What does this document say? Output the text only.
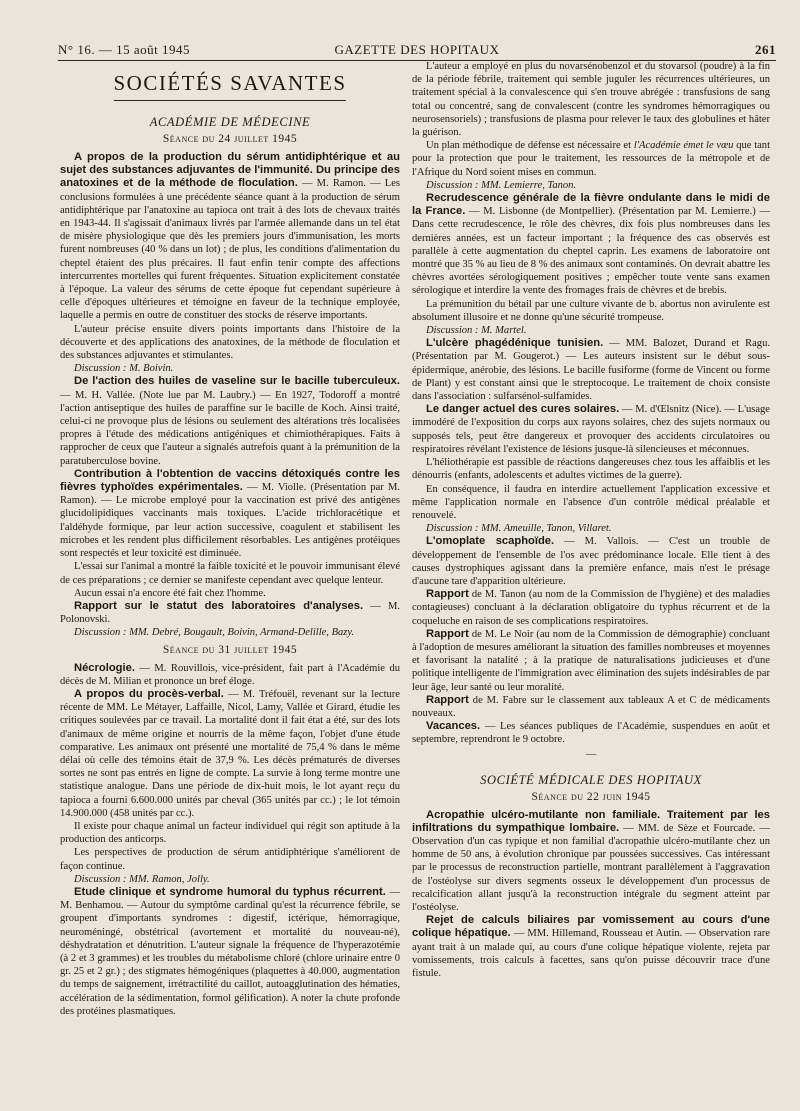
N° 16. — 15 août 1945	GAZETTE DES HOPITAUX	261
SOCIÉTÉS SAVANTES
ACADÉMIE DE MÉDECINE
Séance du 24 juillet 1945

A propos de la production du sérum antidiphtérique et au sujet des substances adjuvantes de l'immunité. Du principe des anatoxines et de la méthode de floculation. — M. Ramon. — Les conclusions formulées à une précédente séance quant à la production de sérum antidiphtérique par l'anatoxine au tapioca ont trait à des lots de chevaux traités en 1943-44. Il s'agissait d'animaux livrés par l'armée allemande dans un tel état de misère physiologique que dès les premiers jours d'immunisation, les morts furent nombreuses (40 % dans un lot) ; de plus, les conditions d'alimentation du cheptel étaient des plus précaires. Il faut enfin tenir compte des affections intercurrentes mortelles qui furent fréquentes. Situation explicitement constatée à l'époque. La valeur des sérums de cette époque fut cependant supérieure à celle d'époques ultérieures et témoigne en faveur de la technique employée, laquelle a permis en outre de constituer des stocks de réserve importants.

L'auteur précise ensuite divers points importants dans l'histoire de la découverte et des applications des anatoxines, de la méthode de floculation et des substances adjuvantes et stimulantes.

Discussion : M. Boivin.

De l'action des huiles de vaseline sur le bacille tuberculeux. — M. H. Vallée. (Note lue par M. Laubry.) — En 1927, Todoroff a montré l'action antiseptique des huiles de paraffine sur le bacille de Koch. Ainsi traité, celui-ci ne provoque plus de lésions ou seulement des altérations très localisées propres à l'étude des médications antigéniques et chimiothérapiques. Faits à rapprocher de ceux que l'auteur a signalés autrefois quant à la prémunition de la paratuberculose bovine.

Contribution à l'obtention de vaccins détoxiqués contre les fièvres typhoïdes expérimentales. — M. Violle. (Présentation par M. Ramon). — Le microbe employé pour la vaccination est privé des antigènes glucidolipidiques vaccinants mais toxiques. L'acide trichloracétique et l'aldéhyde formique, par leur action successive, coagulent et stabilisent les microbes et les rendent plus difficilement résorbables. Les antigènes protéiques sont respectés et leur toxicité est diminuée.

L'essai sur l'animal a montré la faible toxicité et le pouvoir immunisant élevé de ces préparations ; ce dernier se manifeste cependant avec quelque lenteur.

Aucun essai n'a encore été fait chez l'homme.

Rapport sur le statut des laboratoires d'analyses. — M. Polonovski.

Discussion : MM. Debré, Bougault, Boivin, Armand-Delille, Bazy.

Séance du 31 juillet 1945

Nécrologie. — M. Rouvillois, vice-président, fait part à l'Académie du décès de M. Milian et prononce un bref éloge.

A propos du procès-verbal. — M. Tréfouël, revenant sur la lecture récente de MM. Le Métayer, Laffaille, Nicol, Lamy, Vallée et Girard, étudie les critiques soulevées par ce travail. La mortalité dont il fait état a été, sur des lots d'animaux de même origine et nourris de la même façon, l'objet d'une étude comparative. Les animaux ont présenté une mortalité de 75,4 % dans le même délai où celle des témoins était de 37,9 %. Les décès prématurés de diverses sortes ne sont pas entrés en ligne de compte. La survie à long terme montre une statistique analogue. Dans une période de dix-huit mois, le lot ayant reçu du tapioca a fourni 6.600.000 unités par cheval (365 unités par cc.) ; le lot témoin 14.900.000 (458 unités par cc.).

Il existe pour chaque animal un facteur individuel qui régit son aptitude à la production des anticorps.

Les perspectives de production de sérum antidiphtérique s'améliorent de façon continue.

Discussion : MM. Ramon, Jolly.

Etude clinique et syndrome humoral du typhus récurrent. — M. Benhamou. — Autour du symptôme cardinal qu'est la récurrence fébrile, se groupent d'importants syndromes : digestif, ictérique, hémorragique, neuroméningé, obstétrical (avortement et mortalité du nouveau-né), déshydratation et dénutrition. L'auteur signale la fréquence de l'hyperazotémie (à 2 et 3 grammes) et les troubles du métabolisme chloré (chlore urinaire entre 0 gr. 25 et 2 gr.) ; des stigmates hémogéniques (plaquettes à 40.000, augmentation du temps de saignement, irrétractilité du caillot, autoagglutination des hématies, accélération de la sédimentation, formol gélification). A noter la chute profonde des protéines plasmatiques.

L'auteur a employé en plus du novarsénobenzol et du stovarsol (poudre) à la fin de la période fébrile, traitement qui semble juguler les récurrences ultérieures, un traitement spécial à la convalescence qui s'en trouve abrégée : transfusions de sang total ou concentré, sang de convalescent (contre les syndromes hémorragiques ou neurosensoriels) ; transfusions de plasma pour relever le taux des globulines et hâter la guérison.

Un plan méthodique de défense est nécessaire et l'Académie émet le vœu que tant pour la protection que pour le traitement, les ressources de la métropole et de l'Afrique du Nord soient mises en commun.

Discussion : MM. Lemierre, Tanon.

Recrudescence générale de la fièvre ondulante dans le midi de la France. — M. Lisbonne (de Montpellier). (Présentation par M. Lemierre.) — Dans cette recrudescence, le rôle des chèvres, dix fois plus nombreuses dans les dernières années, est un facteur important ; la fréquence des cas observés est parallèle à cette augmentation du cheptel caprin. Les examens de laboratoire ont montré que 35 % au lieu de 8 % des animaux sont contaminés. On devrait abattre les chèvres avortées sérologiquement positives ; empêcher toute vente sans examen sérologique et interdire la vente des fromages frais de chèvres et de brebis.

La prémunition du bétail par une culture vivante de b. abortus non avirulente est absolument illusoire et ne donne qu'une sécurité trompeuse.

Discussion : M. Martel.

L'ulcère phagédénique tunisien. — MM. Balozet, Durand et Ragu. (Présentation par M. Gougerot.) — Les auteurs insistent sur le début sous-épidermique, anérobie, des lésions. Le bacille fusiforme (forme de Vincent ou forme de Plant) y est constant ainsi que le streptocoque. Le traitement de choix consiste dans l'association : sulfarsénol-sulfamides.

Le danger actuel des cures solaires. — M. d'Œlsnitz (Nice). — L'usage immodéré de l'exposition du corps aux rayons solaires, chez des sujets normaux ou supposés tels, peut être dangereux et provoquer des accidents circulatoires ou respiratoires révélant l'existence de lésions jusque-là silencieuses et méconnues.

L'héliothérapie est passible de réactions dangereuses chez tous les affaiblis et les dénourris (enfants, adolescents et adultes victimes de la guerre).

En conséquence, il faudra en interdire actuellement l'application excessive et même l'application normale en l'absence d'un contrôle médical préalable et renouvelé.

Discussion : MM. Ameuille, Tanon, Villaret.

L'omoplate scaphoïde. — M. Vallois. — C'est un trouble de développement de l'ensemble de l'os avec prédominance locale. Elle tient à des causes dystrophiques agissant dans la première enfance, mais n'est le présage d'aucune tare d'apparition ultérieure.

Rapport de M. Tanon (au nom de la Commission de l'hygiène) et des maladies contagieuses) concluant à la déclaration obligatoire du typhus récurrent et de la coqueluche en raison de ses complications respiratoires.

Rapport de M. Le Noir (au nom de la Commission de démographie) concluant à l'adoption de mesures améliorant la situation des familles nombreuses et moyennes et favorisant la natalité ; à la pratique de naturalisations judicieuses et d'une politique intelligente de l'immigration avec élimination des sujets indésirables de par leur âge, leur santé ou leur moralité.

Rapport de M. Fabre sur le classement aux tableaux A et C de médicaments nouveaux.

Vacances. — Les séances publiques de l'Académie, suspendues en août et septembre, reprendront le 9 octobre.

—
SOCIÉTÉ MÉDICALE DES HOPITAUX
Séance du 22 juin 1945

Acropathie ulcéro-mutilante non familiale. Traitement par les infiltrations du sympathique lombaire. — MM. de Sèze et Fourcade. — Observation d'un cas typique et non familial d'acropathie ulcéro-mutilante chez un homme de 50 ans, à évolution chronique par poussées successives. Cas intéressant par le processus de reconstruction partielle, montrant parallèlement à l'aggravation de l'ostéolyse sur divers segments osseux le développement d'un processus de recalcification allant jusqu'à la reconstruction intégrale du segment atteint par l'ostéolyse.

Rejet de calculs biliaires par vomissement au cours d'une colique hépatique. — MM. Hillemand, Rousseau et Autin. — Observation rare ayant trait à un malade qui, au cours d'une colique hépatique violente, rejeta par vomissements, trois calculs à facettes, sans qu'on puisse découvrir trace d'une fistule.
